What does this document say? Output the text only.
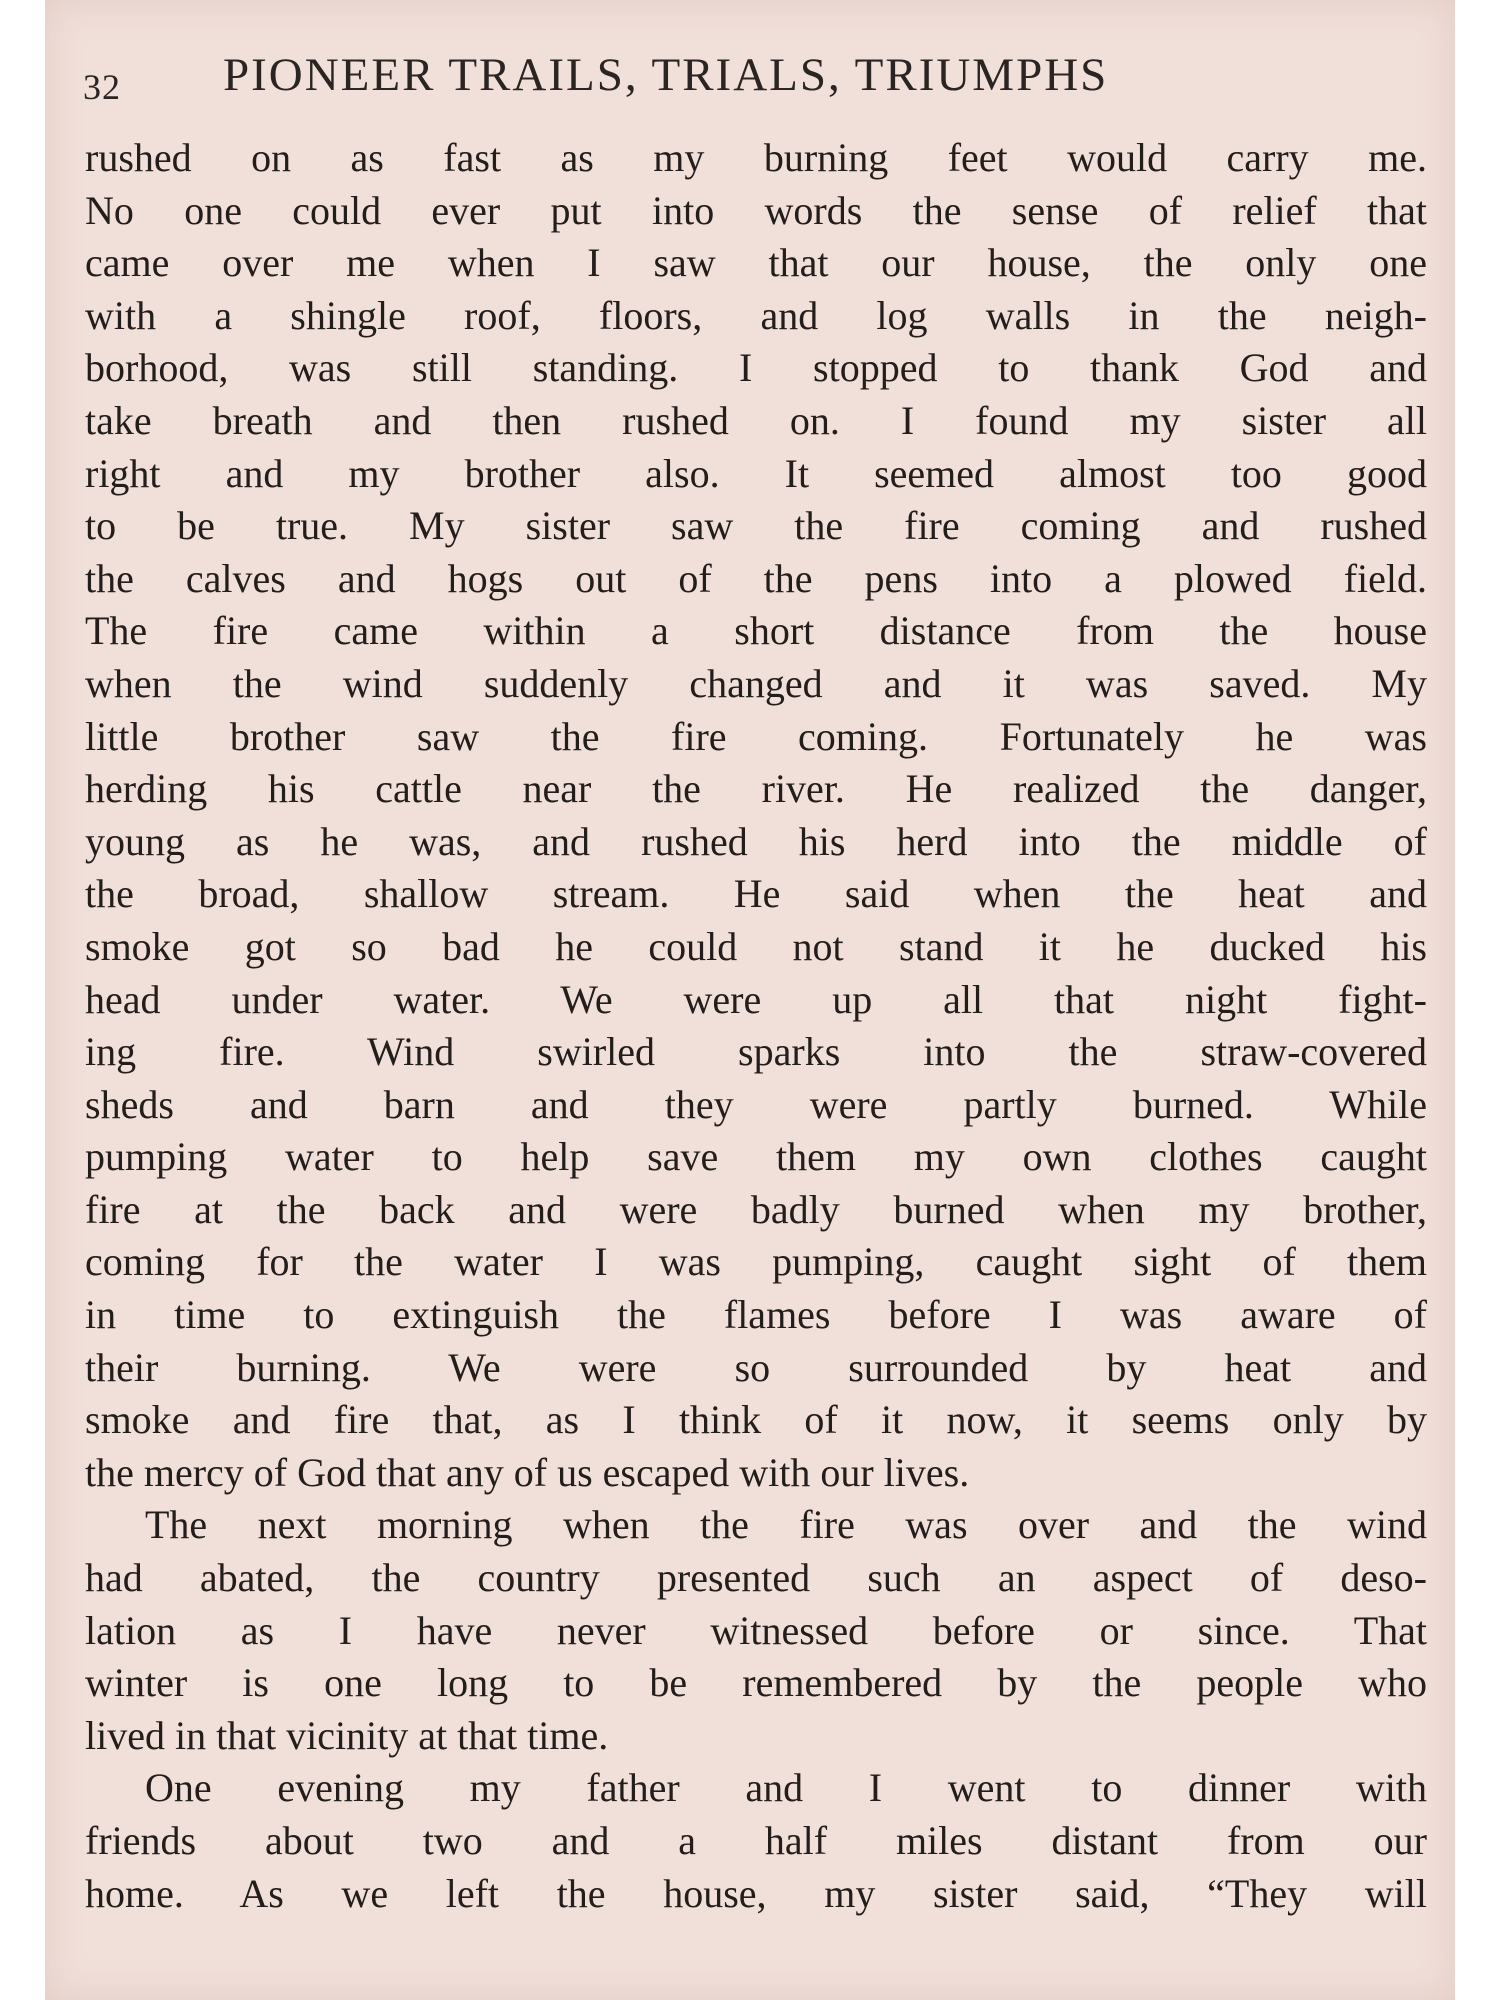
32 PIONEER TRAILS, TRIALS, TRIUMPHS
rushed on as fast as my burning feet would carry me.
No one could ever put into words the sense of relief that
came over me when I saw that our house, the only one
with a shingle roof, floors, and log walls in the neigh-
borhood, was still standing. I stopped to thank God and
take breath and then rushed on. I found my sister all
right and my brother also. It seemed almost too good
to be true. My sister saw the fire coming and rushed
the calves and hogs out of the pens into a plowed field.
The fire came within a short distance from the house
when the wind suddenly changed and it was saved. My
little brother saw the fire coming. Fortunately he was
herding his cattle near the river. He realized the danger,
young as he was, and rushed his herd into the middle of
the broad, shallow stream. He said when the heat and
smoke got so bad he could not stand it he ducked his
head under water. We were up all that night fight-
ing fire. Wind swirled sparks into the straw-covered
sheds and barn and they were partly burned. While
pumping water to help save them my own clothes caught
fire at the back and were badly burned when my brother,
coming for the water I was pumping, caught sight of them
in time to extinguish the flames before I was aware of
their burning. We were so surrounded by heat and
smoke and fire that, as I think of it now, it seems only by
the mercy of God that any of us escaped with our lives.
The next morning when the fire was over and the wind
had abated, the country presented such an aspect of deso-
lation as I have never witnessed before or since. That
winter is one long to be remembered by the people who
lived in that vicinity at that time.
One evening my father and I went to dinner with
friends about two and a half miles distant from our
home. As we left the house, my sister said, “They will
